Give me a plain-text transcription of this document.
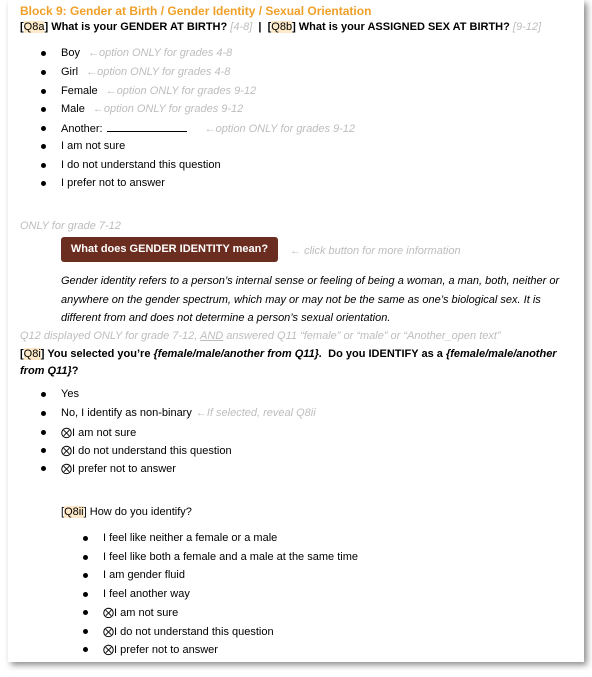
Block 9: Gender at Birth / Gender Identity / Sexual Orientation
[Q8a] What is your GENDER AT BIRTH? [4-8] |  [Q8b] What is your ASSIGNED SEX AT BIRTH? [9-12]
Boy ←option ONLY for grades 4-8
Girl ←option ONLY for grades 4-8
Female ←option ONLY for grades 9-12
Male ←option ONLY for grades 9-12
Another:	←option ONLY for grades 9-12
I am not sure
I do not understand this question
I prefer not to answer
ONLY for grade 7-12
What does GENDER IDENTITY mean?	← click button for more information
Gender identity refers to a person’s internal sense or feeling of being a woman, a man, both, neither or anywhere on the gender spectrum, which may or may not be the same as one’s biological sex. It is different from and does not determine a person’s sexual orientation.
Q12 displayed ONLY for grade 7-12, AND answered Q11 “female” or “male” or “Another_open text”
[Q8i] You selected you’re {female/male/another from Q11}. Do you IDENTIFY as a {female/male/another from Q11}?
Yes
No, I identify as non-binary ←If selected, reveal Q8ii
⨂I am not sure
⨂I do not understand this question
⨂I prefer not to answer
[Q8ii] How do you identify?
I feel like neither a female or a male
I feel like both a female and a male at the same time
I am gender fluid
I feel another way
⨂I am not sure
⨂I do not understand this question
⨂I prefer not to answer
